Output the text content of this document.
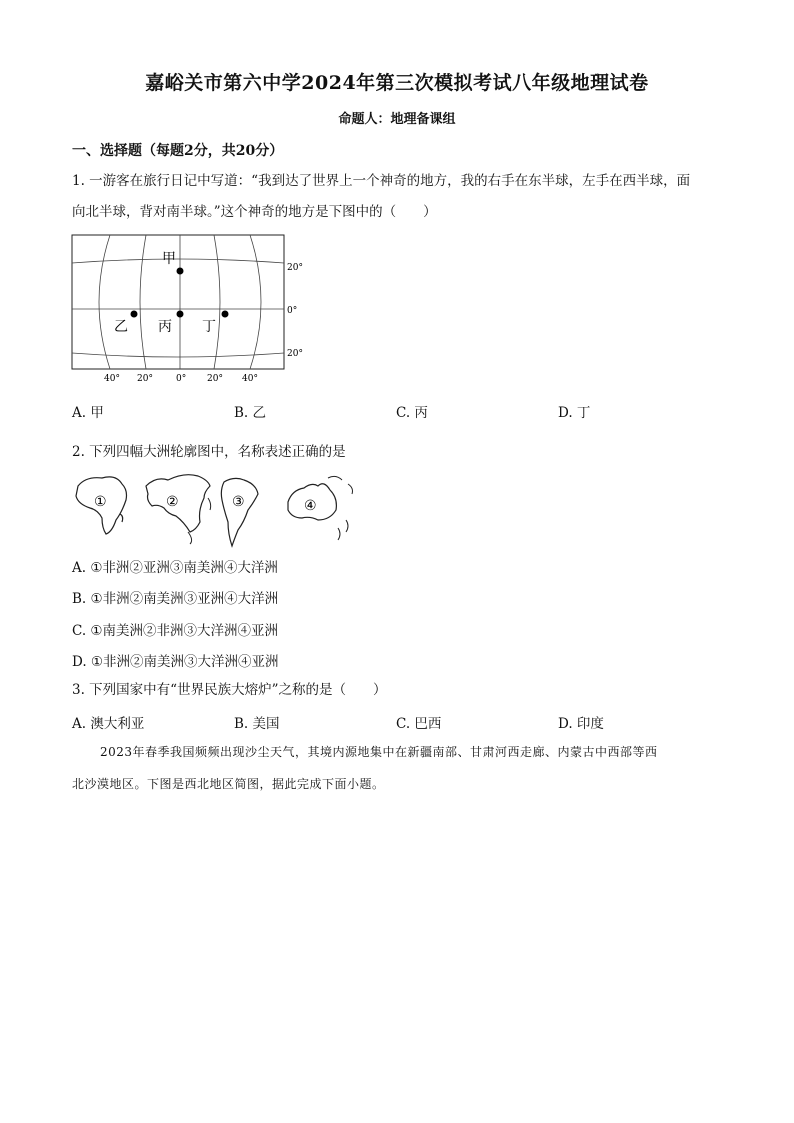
嘉峪关市第六中学2024年第三次模拟考试八年级地理试卷
命题人：地理备课组
一、选择题（每题2分，共20分）
1. 一游客在旅行日记中写道：“我到达了世界上一个神奇的地方，我的右手在东半球，左手在西半球，面
向北半球，背对南半球。”这个神奇的地方是下图中的（　　）
甲
乙 丙 丁
20°
0°
20°
40° 20°	0° 20° 40°
A. 甲	B. 乙	C. 丙	D. 丁
2. 下列四幅大洲轮廓图中，名称表述正确的是
①	②	③	④
A. ①非洲②亚洲③南美洲④大洋洲
B. ①非洲②南美洲③亚洲④大洋洲
C. ①南美洲②非洲③大洋洲④亚洲
D. ①非洲②南美洲③大洋洲④亚洲
3. 下列国家中有“世界民族大熔炉”之称的是（　　）
A. 澳大利亚	B. 美国	C. 巴西	D. 印度
2023年春季我国频频出现沙尘天气，其境内源地集中在新疆南部、甘肃河西走廊、内蒙古中西部等西
北沙漠地区。下图是西北地区简图，据此完成下面小题。
